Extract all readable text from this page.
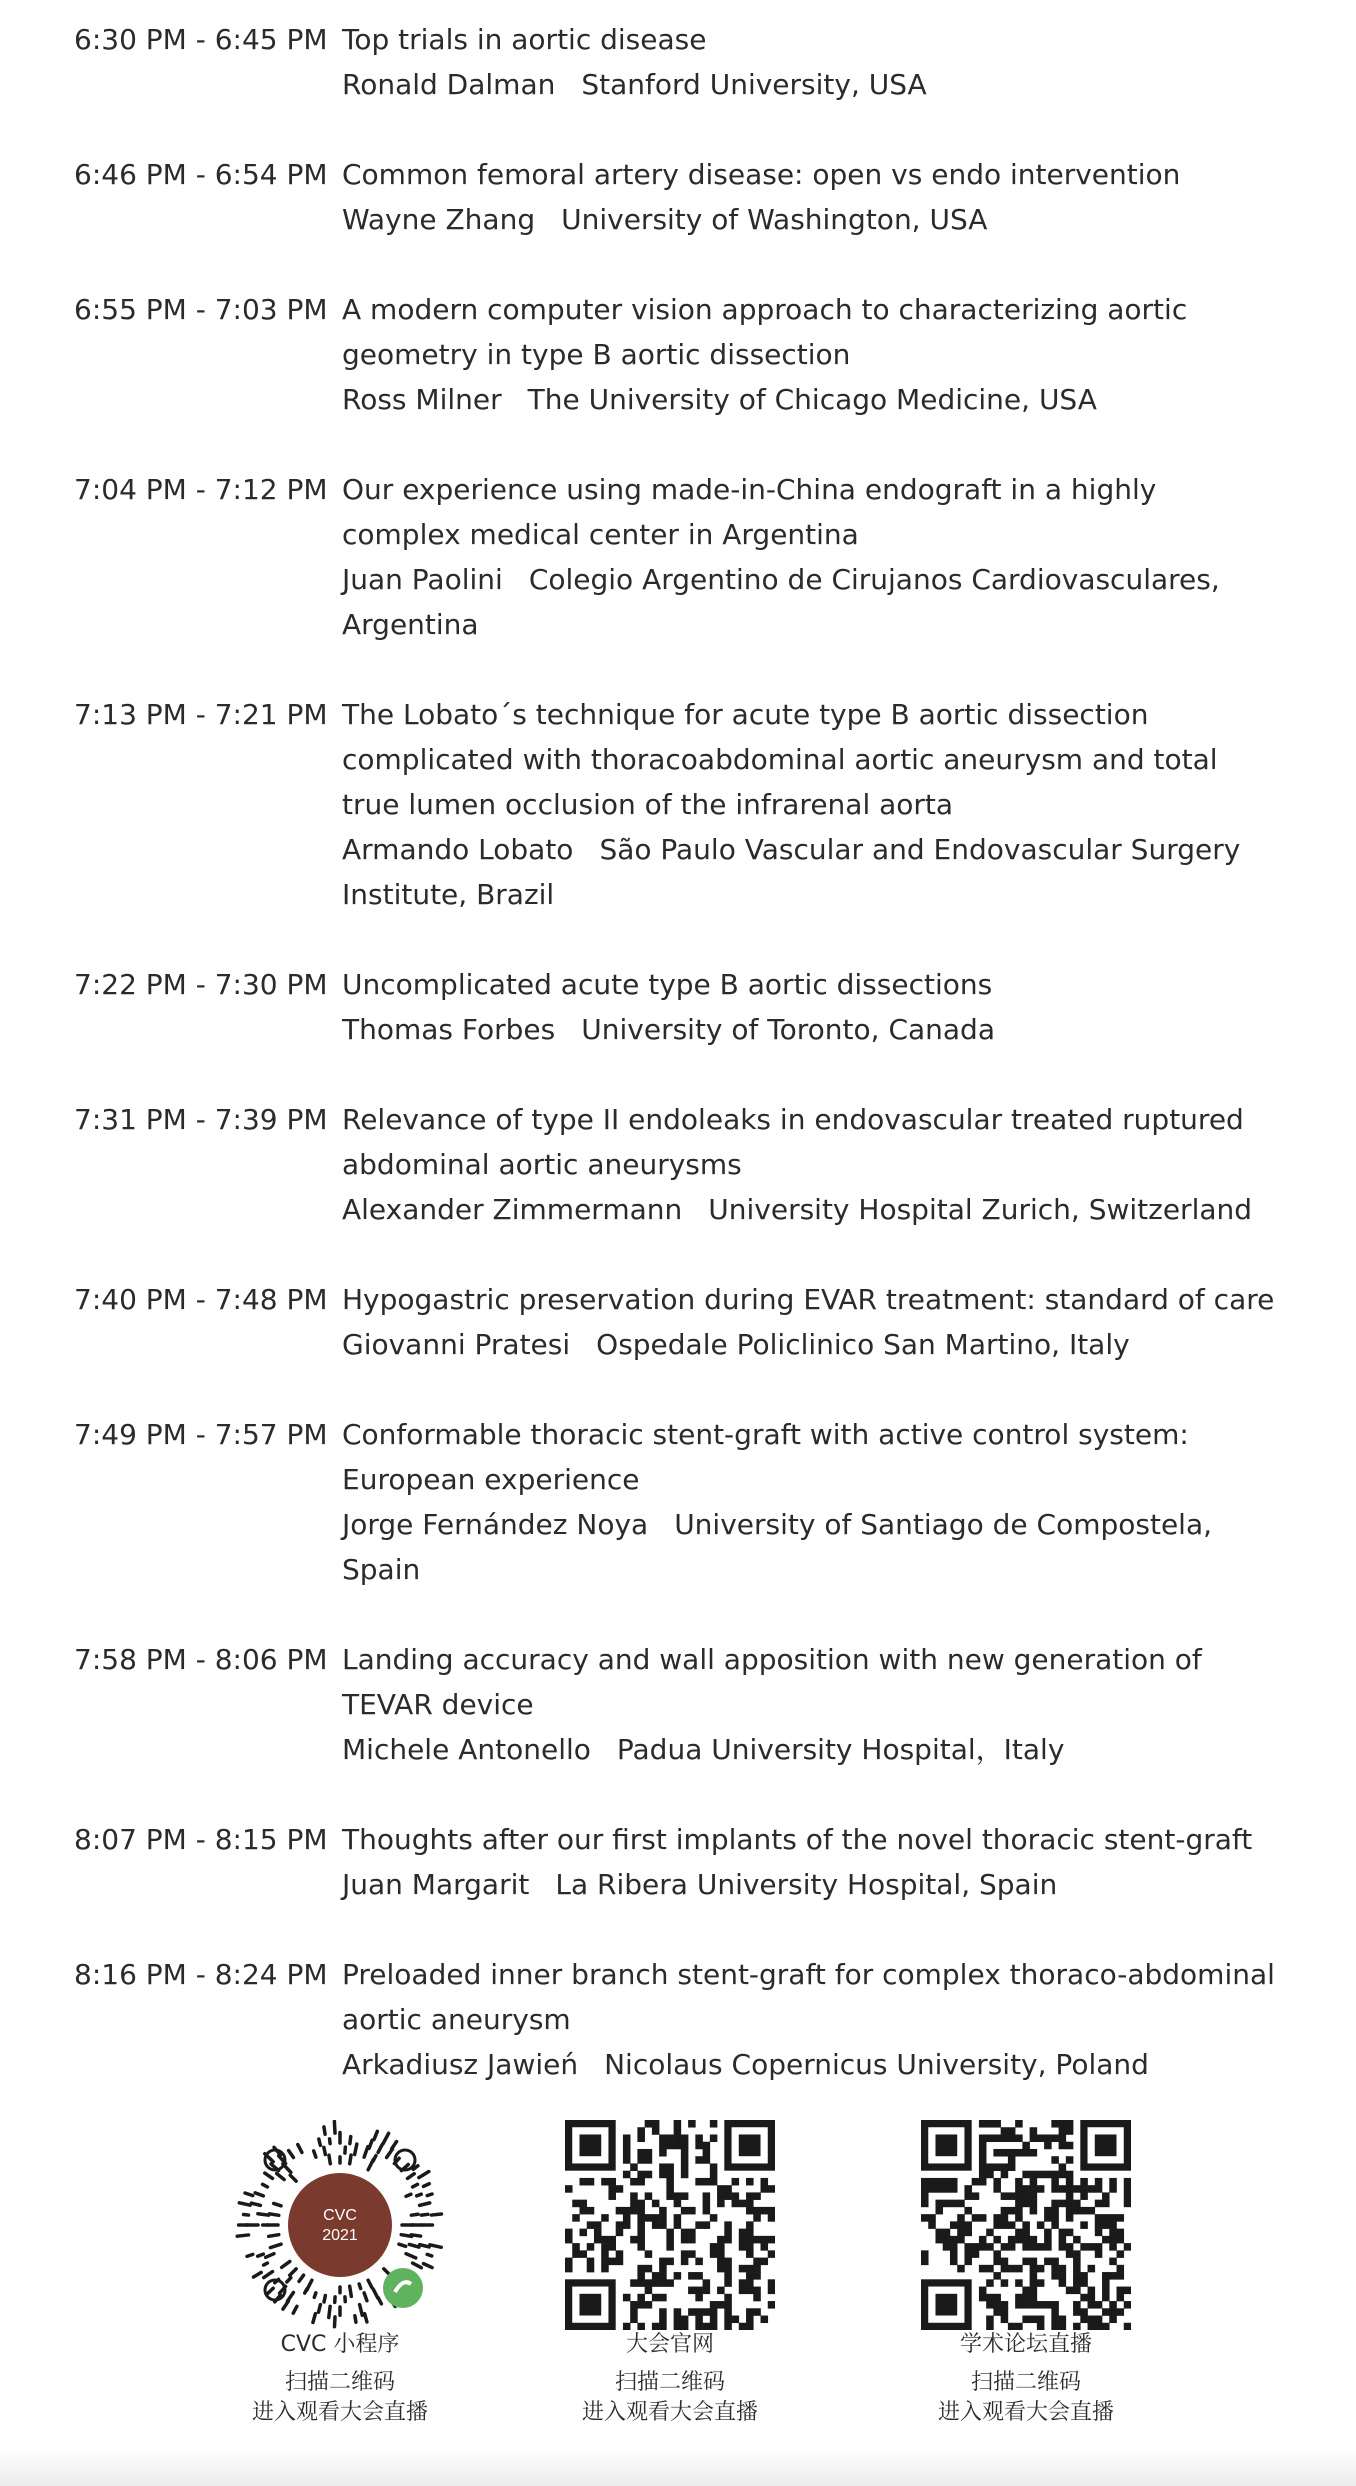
6:30 PM - 6:45 PM Top trials in aortic disease
Ronald Dalman Stanford University, USA
6:46 PM - 6:54 PM Common femoral artery disease: open vs endo intervention
Wayne Zhang University of Washington, USA
6:55 PM - 7:03 PM A modern computer vision approach to characterizing aortic geometry in type B aortic dissection
Ross Milner The University of Chicago Medicine, USA
7:04 PM - 7:12 PM Our experience using made-in-China endograft in a highly complex medical center in Argentina
Juan Paolini Colegio Argentino de Cirujanos Cardiovasculares, Argentina
7:13 PM - 7:21 PM The Lobato´s technique for acute type B aortic dissection complicated with thoracoabdominal aortic aneurysm and total true lumen occlusion of the infrarenal aorta
Armando Lobato São Paulo Vascular and Endovascular Surgery Institute, Brazil
7:22 PM - 7:30 PM Uncomplicated acute type B aortic dissections
Thomas Forbes University of Toronto, Canada
7:31 PM - 7:39 PM Relevance of type II endoleaks in endovascular treated ruptured abdominal aortic aneurysms
Alexander Zimmermann University Hospital Zurich, Switzerland
7:40 PM - 7:48 PM Hypogastric preservation during EVAR treatment: standard of care
Giovanni Pratesi Ospedale Policlinico San Martino, Italy
7:49 PM - 7:57 PM Conformable thoracic stent-graft with active control system: European experience
Jorge Fernández Noya University of Santiago de Compostela, Spain
7:58 PM - 8:06 PM Landing accuracy and wall apposition with new generation of TEVAR device
Michele Antonello Padua University Hospital，Italy
8:07 PM - 8:15 PM Thoughts after our first implants of the novel thoracic stent-graft
Juan Margarit La Ribera University Hospital, Spain
8:16 PM - 8:24 PM Preloaded inner branch stent-graft for complex thoraco-abdominal aortic aneurysm
Arkadiusz Jawień Nicolaus Copernicus University, Poland
CVC
2021
CVC 小程序
扫描二维码
进入观看大会直播
大会官网
扫描二维码
进入观看大会直播
学术论坛直播
扫描二维码
进入观看大会直播
